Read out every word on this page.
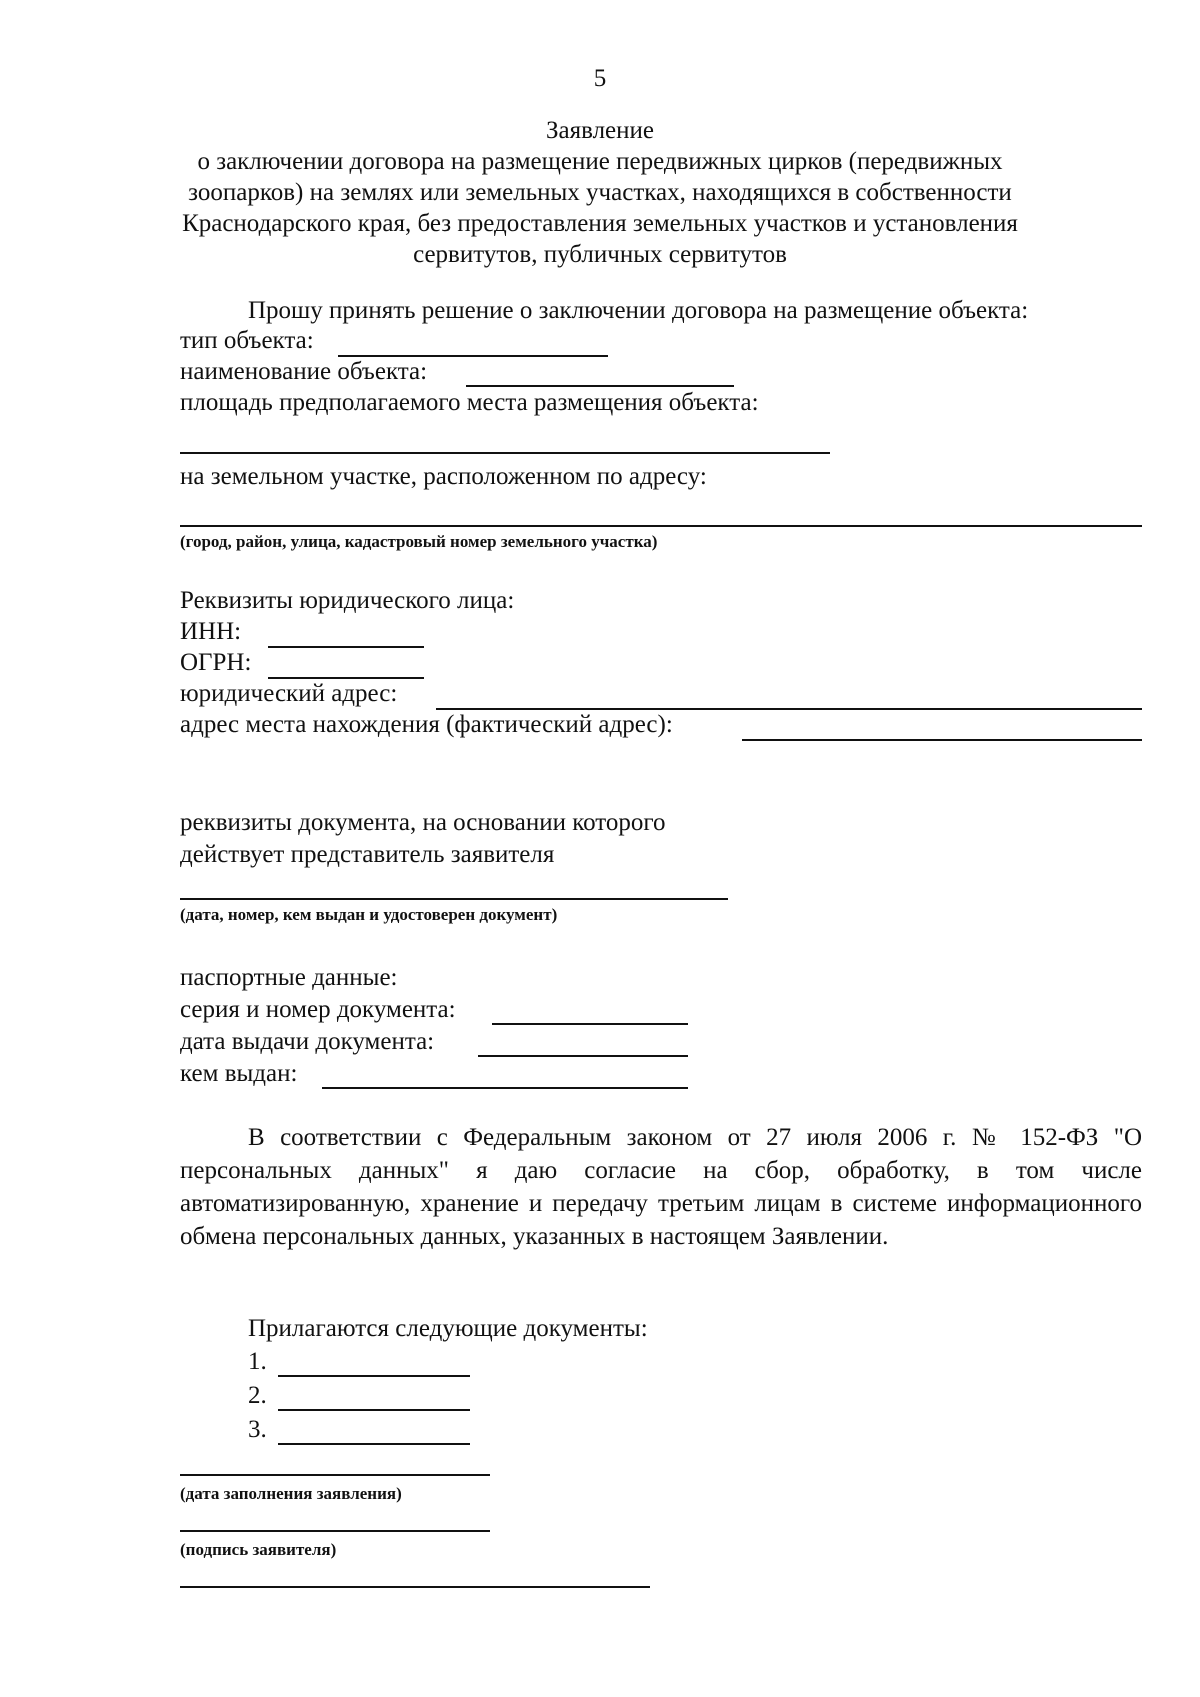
5
Заявление
о заключении договора на размещение передвижных цирков (передвижных
зоопарков) на землях или земельных участках, находящихся в собственности
Краснодарского края, без предоставления земельных участков и установления
сервитутов, публичных сервитутов
Прошу принять решение о заключении договора на размещение объекта:
тип объекта:
наименование объекта:
площадь предполагаемого места размещения объекта:
на земельном участке, расположенном по адресу:
(город, район, улица, кадастровый номер земельного участка)
Реквизиты юридического лица:
ИНН:
ОГРН:
юридический адрес:
адрес места нахождения (фактический адрес):
реквизиты документа, на основании которого
действует представитель заявителя
(дата, номер, кем выдан и удостоверен документ)
паспортные данные:
серия и номер документа:
дата выдачи документа:
кем выдан:
В соответствии с Федеральным законом от 27 июля 2006 г. № 152-ФЗ "О персональных данных" я даю согласие на сбор, обработку, в том числе автоматизированную, хранение и передачу третьим лицам в системе информационного обмена персональных данных, указанных в настоящем Заявлении.
Прилагаются следующие документы:
1.
2.
3.
(дата заполнения заявления)
(подпись заявителя)
